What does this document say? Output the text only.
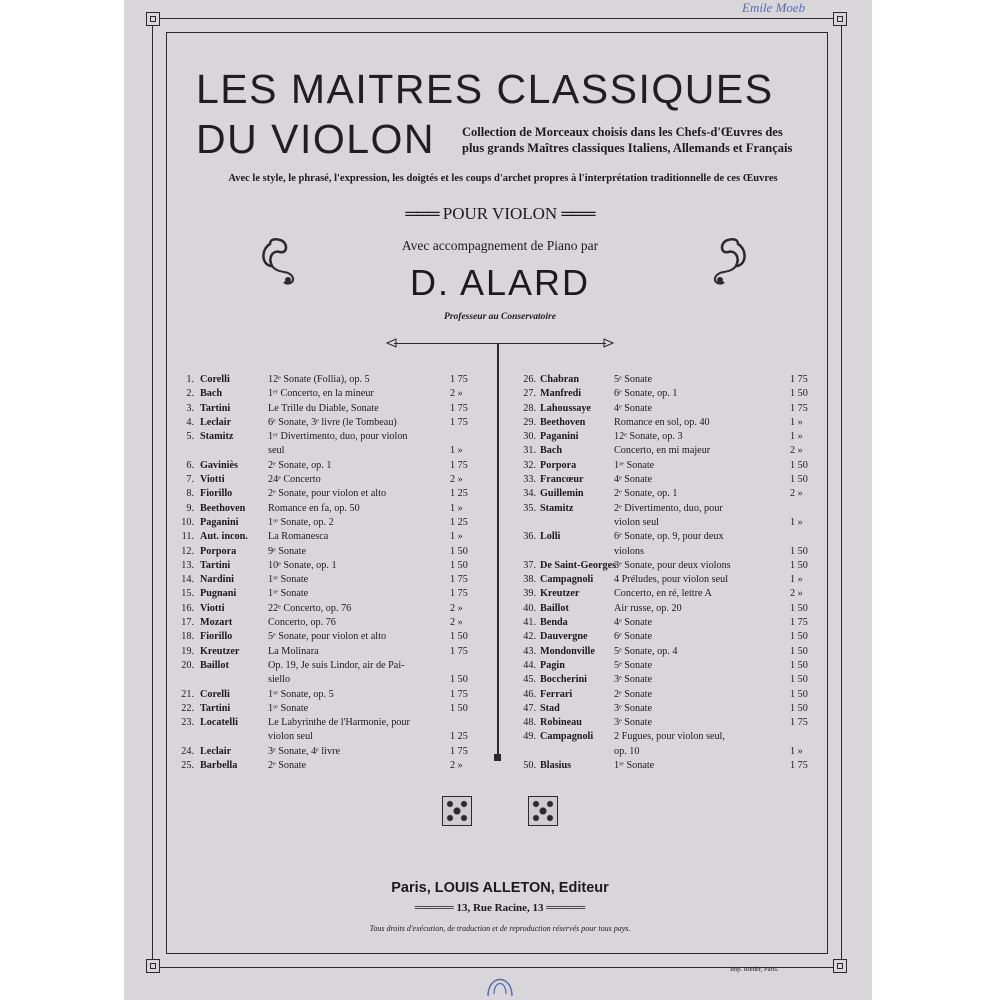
Emile Moeb
LES MAITRES CLASSIQUES
DU VIOLON Collection de Morceaux choisis dans les Chefs-d'Œuvres des
plus grands Maîtres classiques Italiens, Allemands et Français
Avec le style, le phrasé, l'expression, les doigtés et les coups d'archet propres à l'interprétation traditionnelle de ces Œuvres
═══ POUR VIOLON ═══
Avec accompagnement de Piano par
D. ALARD
Professeur au Conservatoire
1. Corelli	12ᵉ Sonate (Follia), op. 5	1 75
2. Bach	1ᵉʳ Concerto, en la mineur	2 »
3. Tartini	Le Trille du Diable, Sonate	1 75
4. Leclair	6ᵉ Sonate, 3ᵉ livre (le Tombeau)	1 75
5. Stamitz	1ᵉʳ Divertimento, duo, pour violon
seul	1 »
6. Gaviniès	2ᵉ Sonate, op. 1	1 75
7. Viotti	24ᵉ Concerto	2 »
8. Fiorillo	2ᵉ Sonate, pour violon et alto	1 25
9. Beethoven Romance en fa, op. 50	1 »
10. Paganini	1ʳᵉ Sonate, op. 2	1 25
11. Aut. incon. La Romanesca	1 »
12. Porpora	9ᵉ Sonate	1 50
13. Tartini	10ᵉ Sonate, op. 1	1 50
14. Nardini	1ʳᵉ Sonate	1 75
15. Pugnani	1ʳᵉ Sonate	1 75
16. Viotti	22ᵉ Concerto, op. 76	2 »
17. Mozart	Concerto, op. 76	2 »
18. Fiorillo	5ᵉ Sonate, pour violon et alto	1 50
19. Kreutzer	La Molinara	1 75
20. Baillot	Op. 19, Je suis Lindor, air de Pai-
siello	1 50
21. Corelli	1ʳᵉ Sonate, op. 5	1 75
22. Tartini	1ʳᵉ Sonate	1 50
23. Locatelli	Le Labyrinthe de l'Harmonie, pour
violon seul	1 25
24. Leclair	3ᵉ Sonate, 4ᵉ livre	1 75
25. Barbella	2ᵉ Sonate	2 »
26. Chabran	5ᵉ Sonate	1 75
27. Manfredi	6ᵉ Sonate, op. 1	1 50
28. Lahoussaye 4ᵉ Sonate	1 75
29. Beethoven	Romance en sol, op. 40	1 »
30. Paganini	12ᵉ Sonate, op. 3	1 »
31. Bach	Concerto, en mi majeur	2 »
32. Porpora	1ʳᵉ Sonate	1 50
33. Francœur	4ᵉ Sonate	1 50
34. Guillemin	2ᵉ Sonate, op. 1	2 »
35. Stamitz	2ᵉ Divertimento, duo, pour
violon seul	1 »
36. Lolli	6ᵉ Sonate, op. 9, pour deux
violons	1 50
37. De Saint-Georges
3ᵉ Sonate, pour deux violons	1 50
38. Campagnoli 4 Préludes, pour violon seul	1 »
39. Kreutzer	Concerto, en ré, lettre A	2 »
40. Baillot	Air russe, op. 20	1 50
41. Benda	4ᵉ Sonate	1 75
42. Dauvergne	6ᵉ Sonate	1 50
43. Mondonville 5ᵉ Sonate, op. 4	1 50
44. Pagin	5ᵉ Sonate	1 50
45. Boccherini	3ᵉ Sonate	1 50
46. Ferrari	2ᵉ Sonate	1 50
47. Stad	3ᵉ Sonate	1 50
48. Robineau	3ᵉ Sonate	1 75
49. Campagnoli 2 Fugues, pour violon seul,
op. 10	1 »
50. Blasius	1ʳᵉ Sonate	1 75
Paris, LOUIS ALLETON, Editeur
═════ 13, Rue Racine, 13 ═════
Tous droits d'exécution, de traduction et de reproduction réservés pour tous pays.
Imp. Rœder, Paris.
